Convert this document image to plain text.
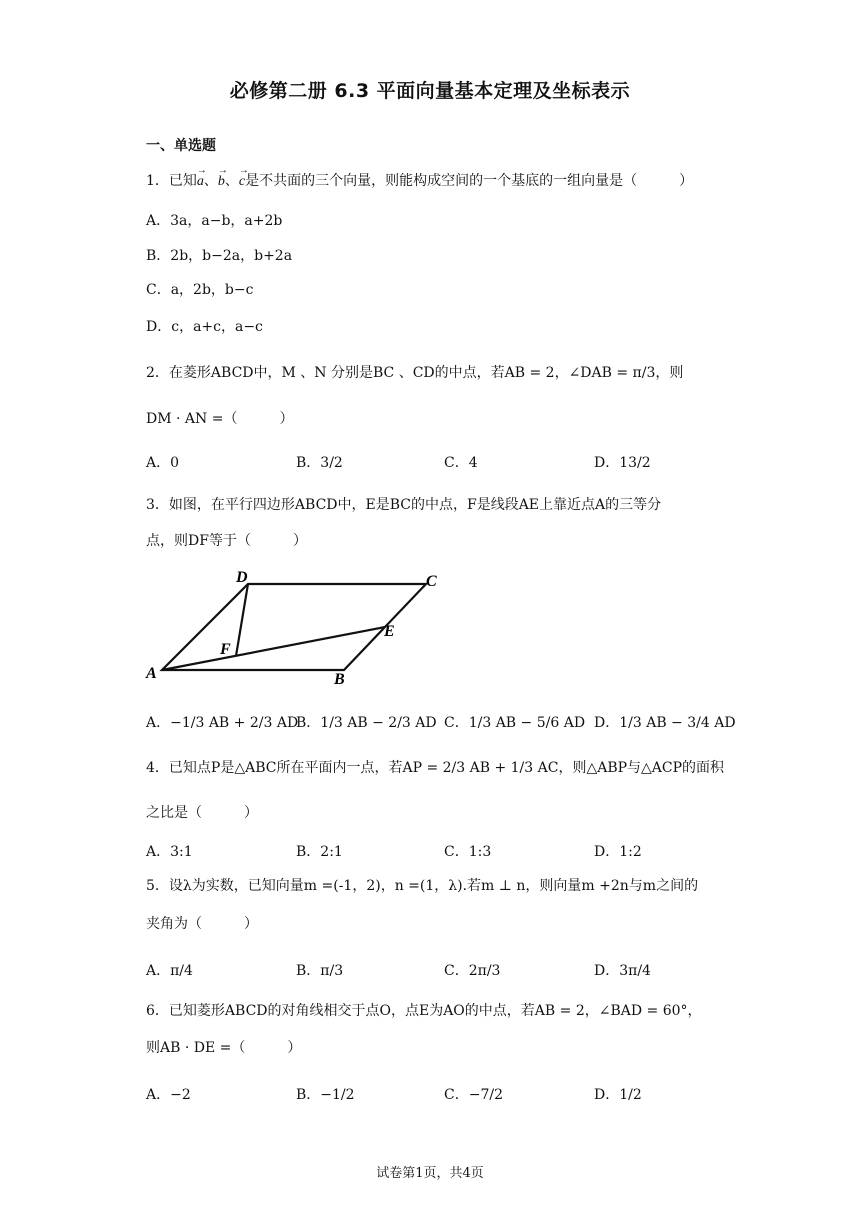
必修第二册 6.3 平面向量基本定理及坐标表示
一、单选题
1．已知
→
a、
→
b、
→
c是不共面的三个向量，则能构成空间的一个基底的一组向量是（　　　）
A．3a，a−b，a+2b
B．2b，b−2a，b+2a
C．a，2b，b−c
D．c，a+c，a−c
2．在菱形ABCD中，M 、N 分别是BC 、CD的中点，若AB = 2，∠DAB = π/3，则
DM · AN =（　　　）
A．0	B．3/2	C．4	D．13/2
3．如图，在平行四边形ABCD中，E是BC的中点，F是线段AE上靠近点A的三等分
点，则DF等于（　　　）
A	B
C
D
E
F
A．−1/3 AB + 2/3 AD
B．1/3 AB − 2/3 AD C．1/3 AB − 5/6 AD D．1/3 AB − 3/4 AD
4．已知点P是△ABC所在平面内一点，若AP = 2/3 AB + 1/3 AC，则△ABP与△ACP的面积
之比是（　　　）
A．3:1	B．2:1	C．1:3	D．1:2
5．设λ为实数，已知向量m =(-1，2)，n =(1，λ).若m ⊥ n，则向量m +2n与m之间的
夹角为（　　　）
A．π/4	B．π/3	C．2π/3	D．3π/4
6．已知菱形ABCD的对角线相交于点O，点E为AO的中点，若AB = 2，∠BAD = 60°，
则AB · DE =（　　　）
A．−2	B．−1/2	C．−7/2	D．1/2
试卷第1页，共4页
